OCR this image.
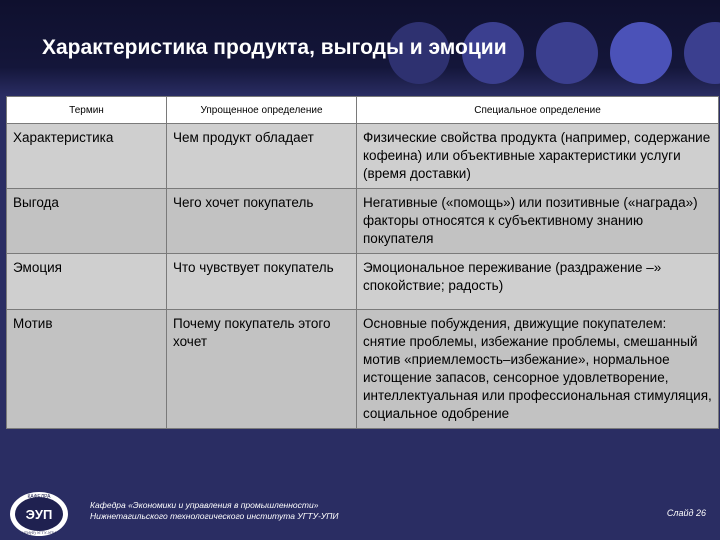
Характеристика продукта, выгоды и эмоции
Термин	Упрощенное определение	Специальное определение
Характеристика	Чем продукт обладает	Физические свойства продукта (например, содержание кофеина) или объективные характеристики услуги (время доставки)
Выгода	Чего хочет покупатель	Негативные («помощь») или позитивные («награда») факторы относятся к субъективному знанию покупателя
Эмоция	Что чувствует покупатель	Эмоциональное переживание (раздражение –» спокойствие; радость)
Мотив	Почему покупатель этого хочет	Основные побуждения, движущие покупателем: снятие проблемы, избежание проблемы, смешанный мотив «приемлемость–избежание», нормальное истощение запасов, сенсорное удовлетворение, интеллектуальная или профессиональная стимуляция, социальное одобрение
КАФЕДРА
ЭУП
НТИ(Ф) УГТУ-УПИ
Кафедра «Экономики и управления в промышленности»
Нижнетагильского технологического института УГТУ-УПИ	Слайд 26
